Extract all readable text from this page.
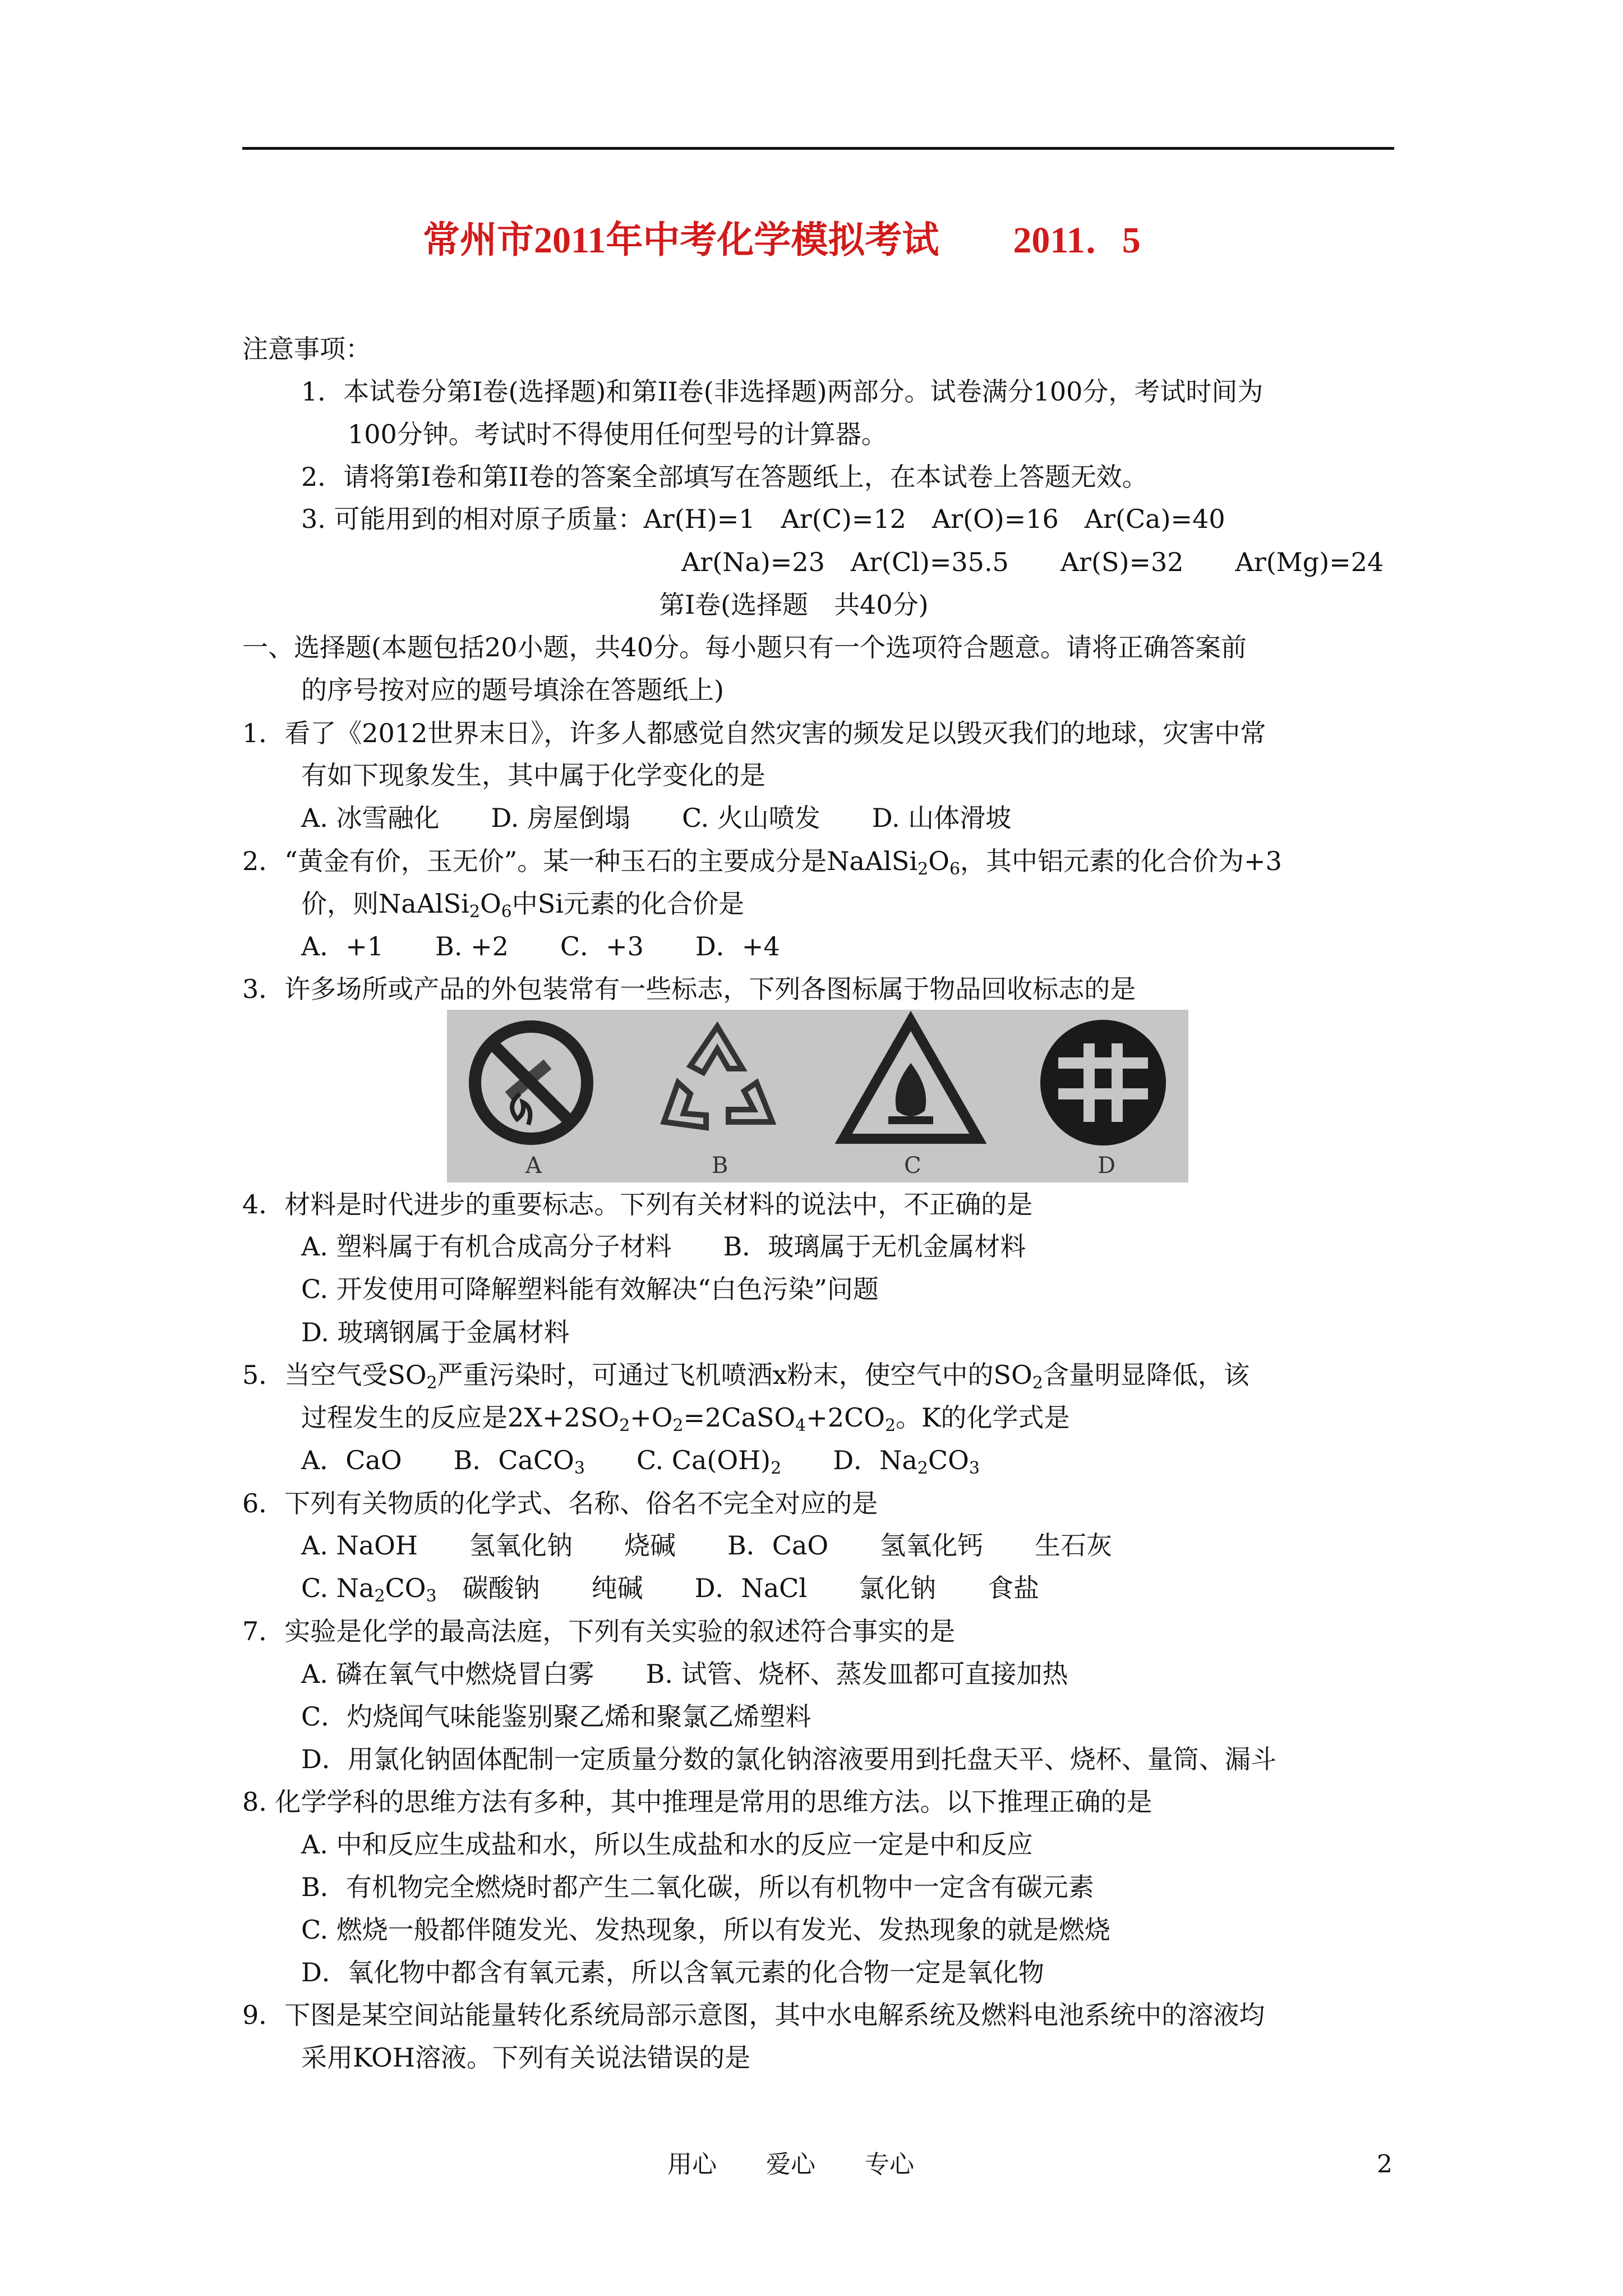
常州市2011年中考化学模拟考试　　2011．5
注意事项：
1．本试卷分第I卷(选择题)和第II卷(非选择题)两部分。试卷满分100分，考试时间为
100分钟。考试时不得使用任何型号的计算器。
2．请将第I卷和第II卷的答案全部填写在答题纸上，在本试卷上答题无效。
3. 可能用到的相对原子质量：Ar(H)=1　Ar(C)=12　Ar(O)=16　Ar(Ca)=40
Ar(Na)=23　Ar(Cl)=35.5　　Ar(S)=32　　Ar(Mg)=24
第I卷(选择题　共40分)
一、选择题(本题包括20小题，共40分。每小题只有一个选项符合题意。请将正确答案前
的序号按对应的题号填涂在答题纸上)
1．看了《2012世界末日》，许多人都感觉自然灾害的频发足以毁灭我们的地球，灾害中常
有如下现象发生，其中属于化学变化的是
A. 冰雪融化　　D. 房屋倒塌　　C. 火山喷发　　D. 山体滑坡
2．“黄金有价，玉无价”。某一种玉石的主要成分是$NaAlSi_2O_6$，其中铝元素的化合价为+3
价，则$NaAlSi_2O_6$中Si元素的化合价是
A．+1　　B. +2　　C．+3　　D．+4
3．许多场所或产品的外包装常有一些标志，下列各图标属于物品回收标志的是
A	B	C	D
4．材料是时代进步的重要标志。下列有关材料的说法中，不正确的是
A. 塑料属于有机合成高分子材料　　B．玻璃属于无机金属材料
C. 开发使用可降解塑料能有效解决“白色污染”问题
D. 玻璃钢属于金属材料
5．当空气受$SO_2$严重污染时，可通过飞机喷洒x粉末，使空气中的$SO_2$含量明显降低，该
过程发生的反应是$2X+2SO_2+O_2=2CaSO_4+2CO_2$。K的化学式是
A．CaO　　B．CaCO$_3$　　C. $Ca(OH)_2$　　D．$Na_2CO_3$
6．下列有关物质的化学式、名称、俗名不完全对应的是
A. NaOH　　氢氧化钠　　烧碱　　B．CaO　　氢氧化钙　　生石灰
C. $Na_2CO_3$　碳酸钠　　纯碱　　D．NaCl　　氯化钠　　食盐
7．实验是化学的最高法庭，下列有关实验的叙述符合事实的是
A. 磷在氧气中燃烧冒白雾　　B. 试管、烧杯、蒸发皿都可直接加热
C．灼烧闻气味能鉴别聚乙烯和聚氯乙烯塑料
D．用氯化钠固体配制一定质量分数的氯化钠溶液要用到托盘天平、烧杯、量筒、漏斗
8. 化学学科的思维方法有多种，其中推理是常用的思维方法。以下推理正确的是
A. 中和反应生成盐和水，所以生成盐和水的反应一定是中和反应
B．有机物完全燃烧时都产生二氧化碳，所以有机物中一定含有碳元素
C. 燃烧一般都伴随发光、发热现象，所以有发光、发热现象的就是燃烧
D．氧化物中都含有氧元素，所以含氧元素的化合物一定是氧化物
9．下图是某空间站能量转化系统局部示意图，其中水电解系统及燃料电池系统中的溶液均
采用KOH溶液。下列有关说法错误的是
用心　　爱心　　专心	2
